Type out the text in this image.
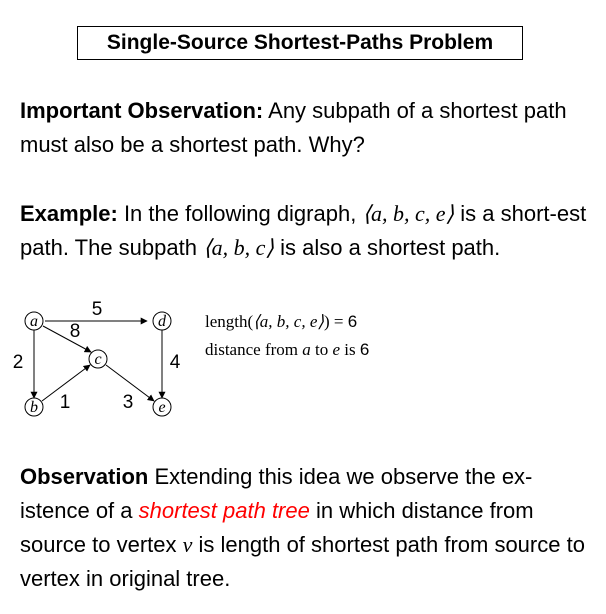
Single-Source Shortest-Paths Problem
Important Observation: Any subpath of a shortest path must also be a shortest path. Why?
Example: In the following digraph, ⟨a, b, c, e⟩ is a short-est path. The subpath ⟨a, b, c⟩ is also a shortest path.
a	d
c
b	e
5
8
2
1	3
4
length(⟨a, b, c, e⟩) = 6
distance from a to e is 6
Observation Extending this idea we observe the ex-istence of a shortest path tree in which distance from source to vertex v is length of shortest path from source to vertex in original tree.
